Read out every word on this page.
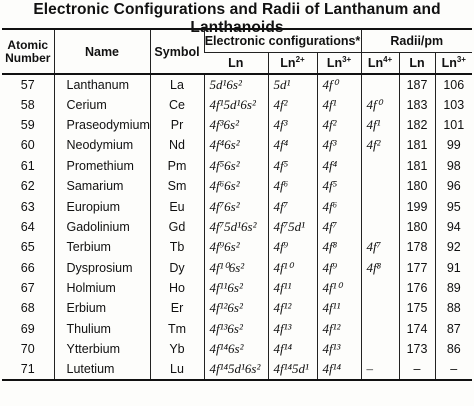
Electronic Configurations and Radii of Lanthanum and Lanthanoids
Atomic Number	Name	Symbol	Electronic configurations*			Radii/pm		
			Ln	$Ln^{2+}$	$Ln^{3+}$	$Ln^{4+}$	Ln	$Ln^{3+}$
57	Lanthanum	La	5d¹6s²	5d¹	4f⁰		187	106
58	Cerium	Ce	4f¹5d¹6s²	4f²	4f¹	4f⁰	183	103
59	Praseodymium	Pr	4f³6s²	4f³	4f²	4f¹	182	101
60	Neodymium	Nd	4f⁴6s²	4f⁴	4f³	4f²	181	99
61	Promethium	Pm	4f⁵6s²	4f⁵	4f⁴		181	98
62	Samarium	Sm	4f⁶6s²	4f⁶	4f⁵		180	96
63	Europium	Eu	4f⁷6s²	4f⁷	4f⁶		199	95
64	Gadolinium	Gd	4f⁷5d¹6s²	4f⁷5d¹	4f⁷		180	94
65	Terbium	Tb	4f⁹6s²	4f⁹	4f⁸	4f⁷	178	92
66	Dysprosium	Dy	4f¹⁰6s²	4f¹⁰	4f⁹	4f⁸	177	91
67	Holmium	Ho	4f¹¹6s²	4f¹¹	4f¹⁰		176	89
68	Erbium	Er	4f¹²6s²	4f¹²	4f¹¹		175	88
69	Thulium	Tm	4f¹³6s²	4f¹³	4f¹²		174	87
70	Ytterbium	Yb	4f¹⁴6s²	4f¹⁴	4f¹³		173	86
71	Lutetium	Lu	4f¹⁴5d¹6s²	4f¹⁴5d¹	4f¹⁴	–	–	–
